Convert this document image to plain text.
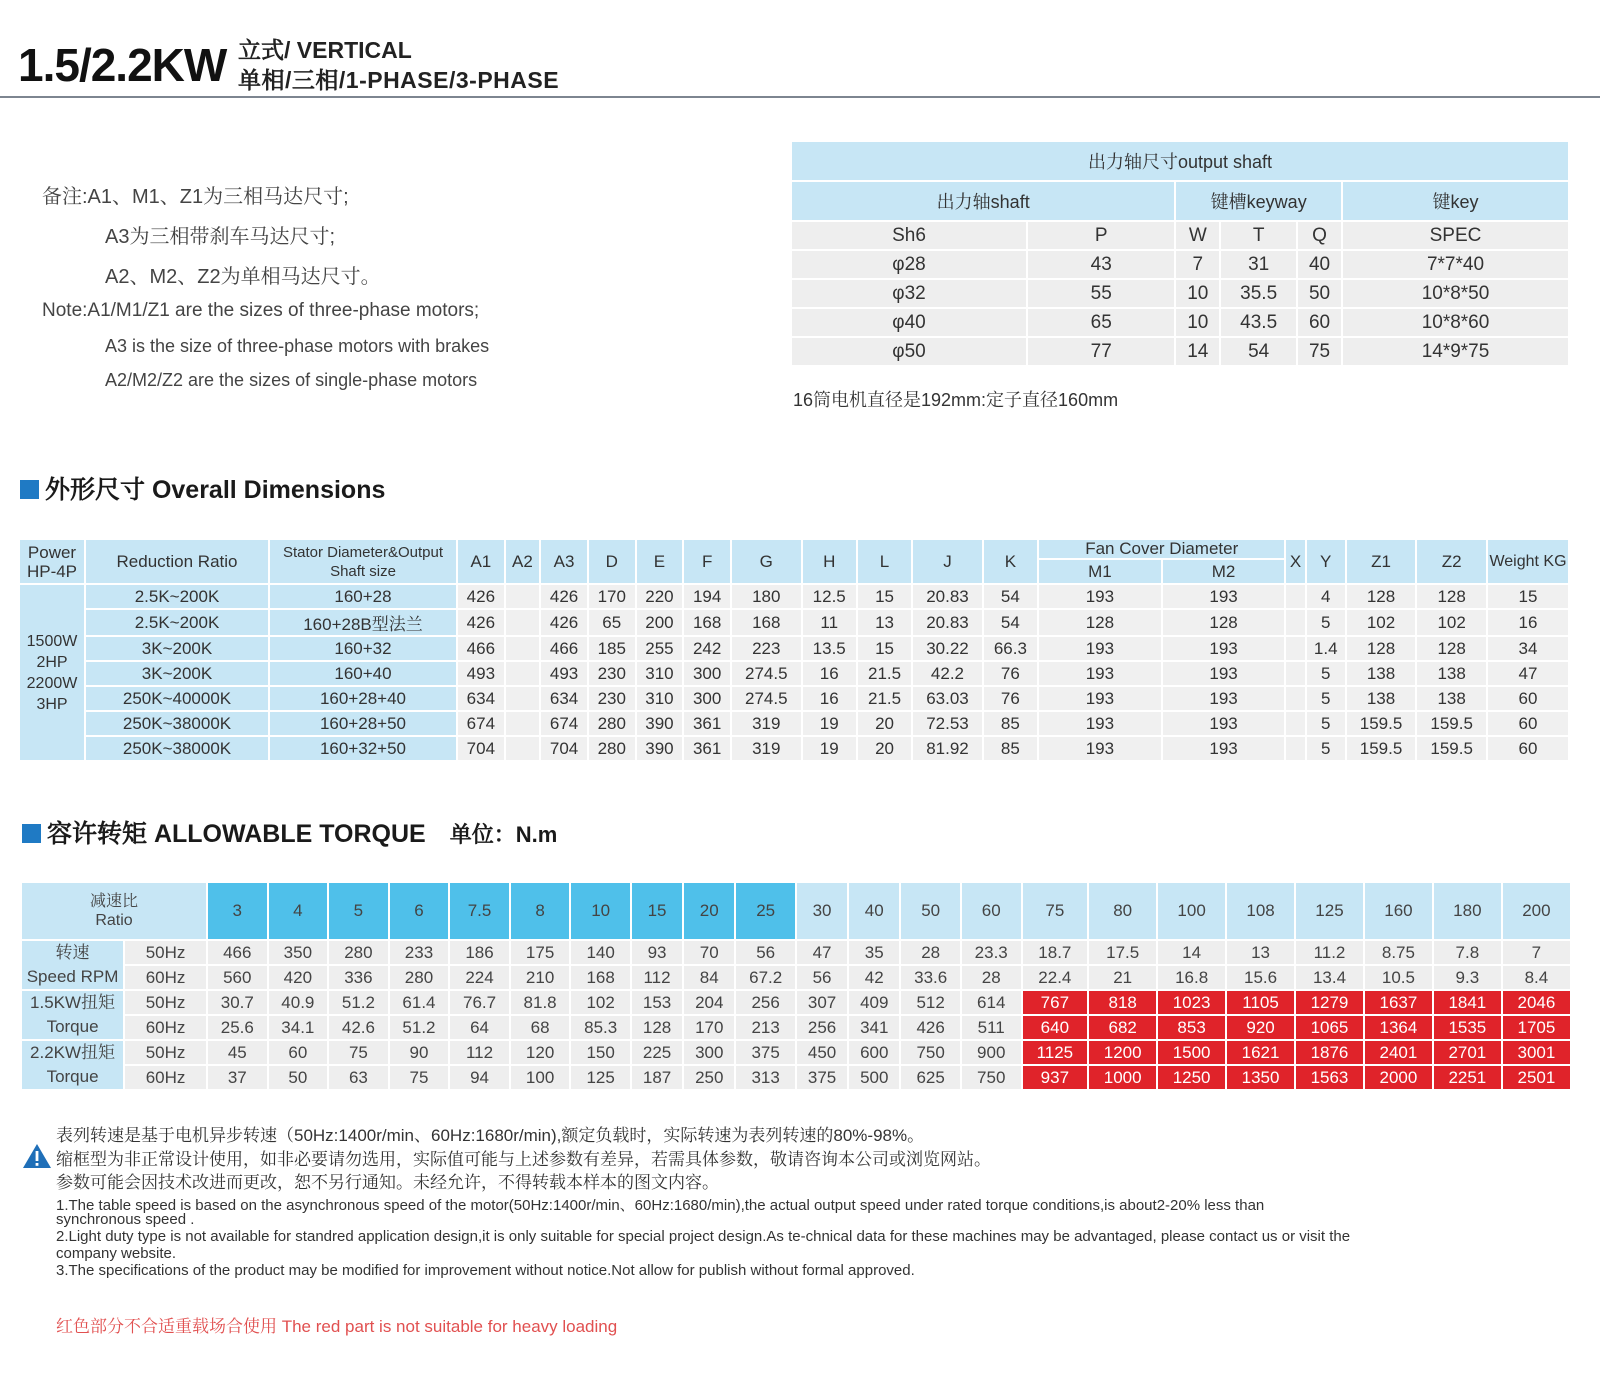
1.5/2.2KW 立式/ VERTICAL
单相/三相/1-PHASE/3-PHASE
备注:A1、M1、Z1为三相马达尺寸;
A3为三相带刹车马达尺寸;
A2、M2、Z2为单相马达尺寸。
Note:A1/M1/Z1 are the sizes of three-phase motors;
A3 is the size of three-phase motors with brakes
A2/M2/Z2 are the sizes of single-phase motors
出力轴尺寸output shaft					
出力轴shaft		键槽keyway			键key
Sh6	P	W	T	Q	SPEC
φ28	43	7	31	40	7*7*40
φ32	55	10	35.5	50	10*8*50
φ40	65	10	43.5	60	10*8*60
φ50	77	14	54	75	14*9*75
16筒电机直径是192mm:定子直径160mm
外形尺寸 Overall Dimensions
Power HP-4P	Reduction Ratio	Stator Diameter&Output Shaft size	A1	A2	A3	D	E	F	G	H	L	J	K	Fan Cover Diameter		X	Y	Z1	Z2	Weight KG
														M1	M2					

1500W
2HP
2200W
3HP	2.5K~200K	160+28	426		426	170	220	194	180	12.5	15	20.83	54	193	193		4	128	128	15
	2.5K~200K	160+28B型法兰	426		426	65	200	168	168	11	13	20.83	54	128	128		5	102	102	16
	3K~200K	160+32	466		466	185	255	242	223	13.5	15	30.22	66.3	193	193		1.4	128	128	34
	3K~200K	160+40	493		493	230	310	300	274.5	16	21.5	42.2	76	193	193		5	138	138	47
	250K~40000K	160+28+40	634		634	230	310	300	274.5	16	21.5	63.03	76	193	193		5	138	138	60
	250K~38000K	160+28+50	674		674	280	390	361	319	19	20	72.53	85	193	193		5	159.5	159.5	60
	250K~38000K	160+32+50	704		704	280	390	361	319	19	20	81.92	85	193	193		5	159.5	159.5	60
容许转矩 ALLOWABLE TORQUE 单位：N.m
减速比
Ratio		3	4	5	6	7.5	8	10	15	20	25	30	40	50	60	75	80	100	108	125	160	180	200

转速
Speed RPM	50Hz	466	350	280	233	186	175	140	93	70	56	47	35	28	23.3	18.7	17.5	14	13	11.2	8.75	7.8	7
	60Hz	560	420	336	280	224	210	168	112	84	67.2	56	42	33.6	28	22.4	21	16.8	15.6	13.4	10.5	9.3	8.4

1.5KW扭矩
Torque	50Hz	30.7	40.9	51.2	61.4	76.7	81.8	102	153	204	256	307	409	512	614	767	818	1023	1105	1279	1637	1841	2046
	60Hz	25.6	34.1	42.6	51.2	64	68	85.3	128	170	213	256	341	426	511	640	682	853	920	1065	1364	1535	1705

2.2KW扭矩
Torque	50Hz	45	60	75	90	112	120	150	225	300	375	450	600	750	900	1125	1200	1500	1621	1876	2401	2701	3001
	60Hz	37	50	63	75	94	100	125	187	250	313	375	500	625	750	937	1000	1250	1350	1563	2000	2251	2501
表列转速是基于电机异步转速（50Hz:1400r/min、60Hz:1680r/min),额定负载时，实际转速为表列转速的80%-98%。
缩框型为非正常设计使用，如非必要请勿选用，实际值可能与上述参数有差异，若需具体参数，敬请咨询本公司或浏览网站。
参数可能会因技术改进而更改，恕不另行通知。未经允许，不得转载本样本的图文内容。
1.The table speed is based on the asynchronous speed of the motor(50Hz:1400r/min、60Hz:1680/min),the actual output speed under rated torque conditions,is about2-20% less than
synchronous speed .
2.Light duty type is not available for standred application design,it is only suitable for special project design.As te-chnical data for these machines may be advantaged, please contact us or visit the
company website.
3.The specifications of the product may be modified for improvement without notice.Not allow for publish without formal approved.
红色部分不合适重载场合使用 The red part is not suitable for heavy loading
